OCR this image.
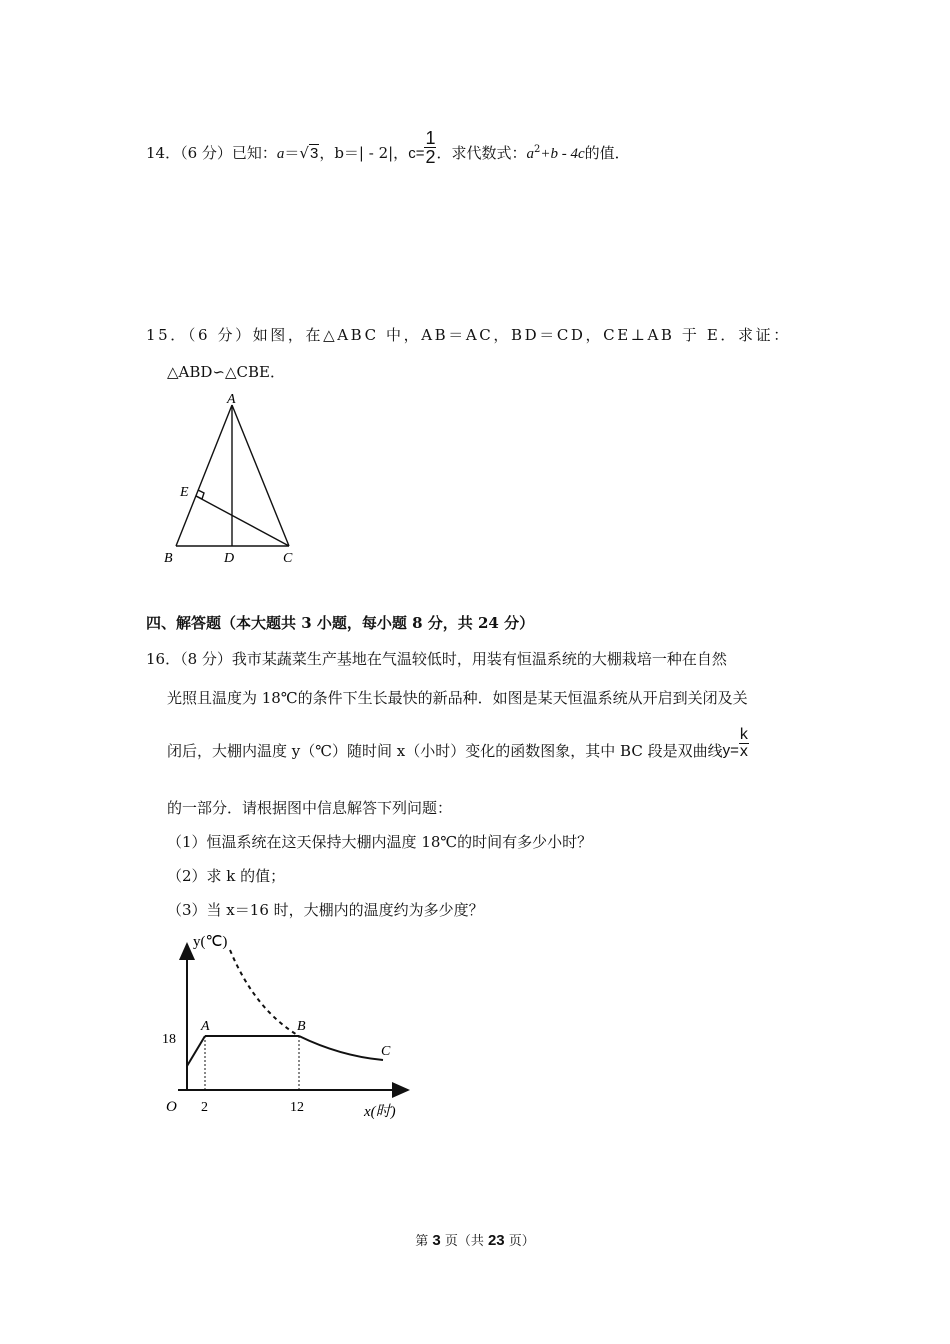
14．（6 分）已知：a＝√3，b＝| ‐ 2|，$c= \frac{1}{2}$ ．求代数式：$a^2+b$ ‐ 4c的值．
15．（6 分）如图，在△ABC 中，AB＝AC，BD＝CD，CE⊥AB 于 E．求证：
△ABD∽△CBE．
A
E
B	D	C
四、解答题（本大题共 3 小题，每小题 8 分，共 24 分）
16．（8 分）我市某蔬菜生产基地在气温较低时，用装有恒温系统的大棚栽培一种在自然
光照且温度为 18℃的条件下生长最快的新品种．如图是某天恒温系统从开启到关闭及关
闭后，大棚内温度 y（℃）随时间 x（小时）变化的函数图象，其中 BC 段是双曲线$y= \frac{k}{x}$
的一部分．请根据图中信息解答下列问题：
（1）恒温系统在这天保持大棚内温度 18℃的时间有多少小时？
（2）求 k 的值；
（3）当 x＝16 时，大棚内的温度约为多少度？
y(℃)
x(时)
O
18
2	12
A	B
C
第 3 页（共 23 页）
